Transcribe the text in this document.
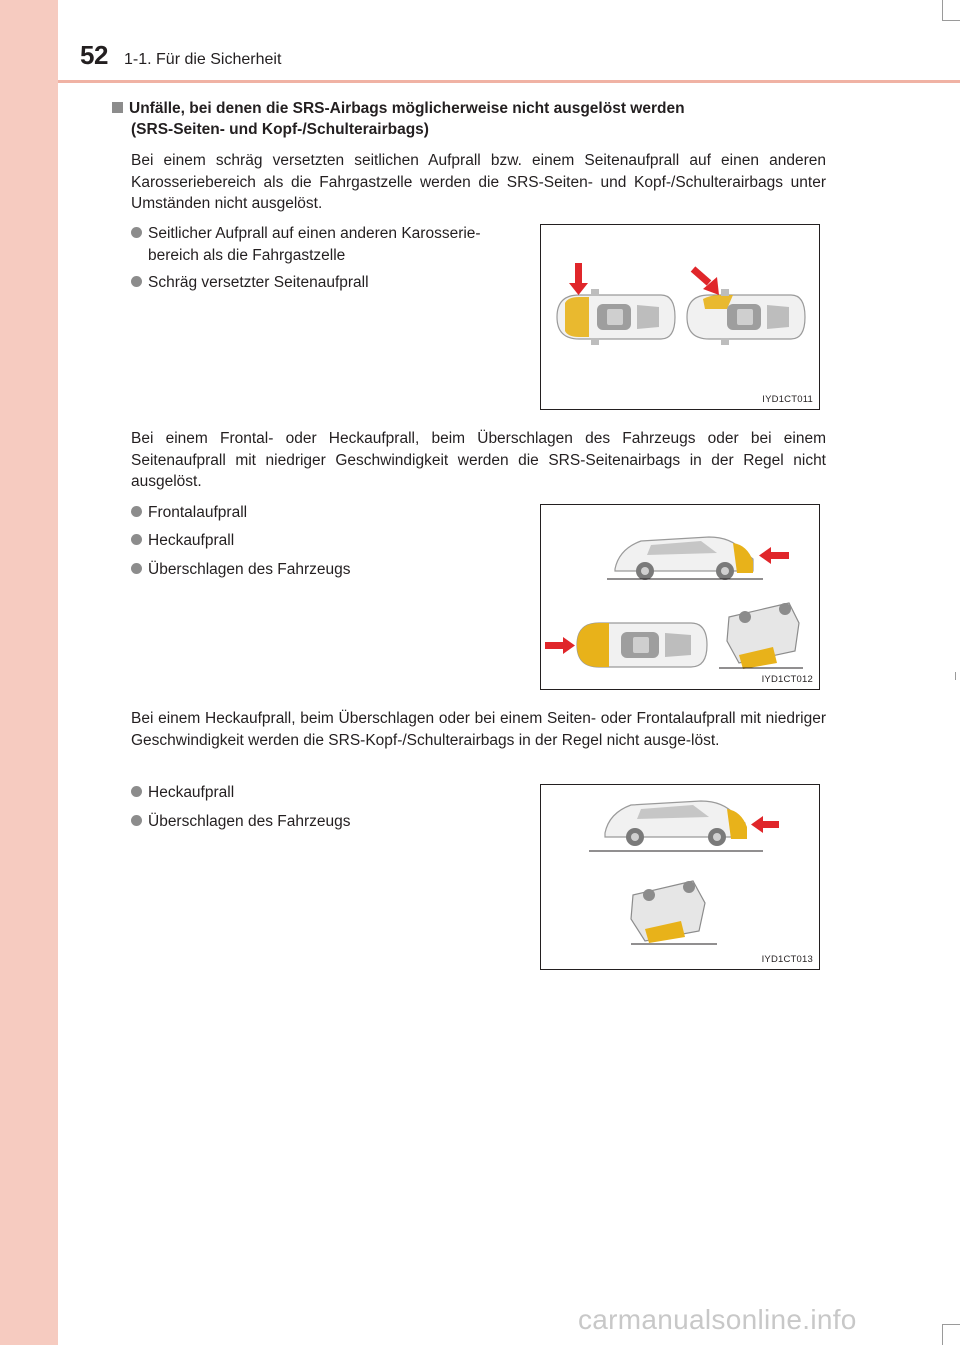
52 1-1. Für die Sicherheit
Unfälle, bei denen die SRS-Airbags möglicherweise nicht ausgelöst werden
(SRS-Seiten- und Kopf-/Schulterairbags)
Bei einem schräg versetzten seitlichen Aufprall bzw. einem Seitenaufprall auf einen anderen Karosseriebereich als die Fahrgastzelle werden die SRS-Seiten- und Kopf-/Schulterairbags unter Umständen nicht ausgelöst.
Seitlicher Aufprall auf einen anderen Karosserie-
bereich als die Fahrgastzelle
Schräg versetzter Seitenaufprall
IYD1CT011
Bei einem Frontal- oder Heckaufprall, beim Überschlagen des Fahrzeugs oder bei einem Seitenaufprall mit niedriger Geschwindigkeit werden die SRS-Seitenairbags in der Regel nicht ausgelöst.
Frontalaufprall
Heckaufprall
Überschlagen des Fahrzeugs
IYD1CT012
Bei einem Heckaufprall, beim Überschlagen oder bei einem Seiten- oder Frontalaufprall mit niedriger Geschwindigkeit werden die SRS-Kopf-/Schulterairbags in der Regel nicht ausge-löst.
Heckaufprall
Überschlagen des Fahrzeugs
IYD1CT013
carmanualsonline.info
